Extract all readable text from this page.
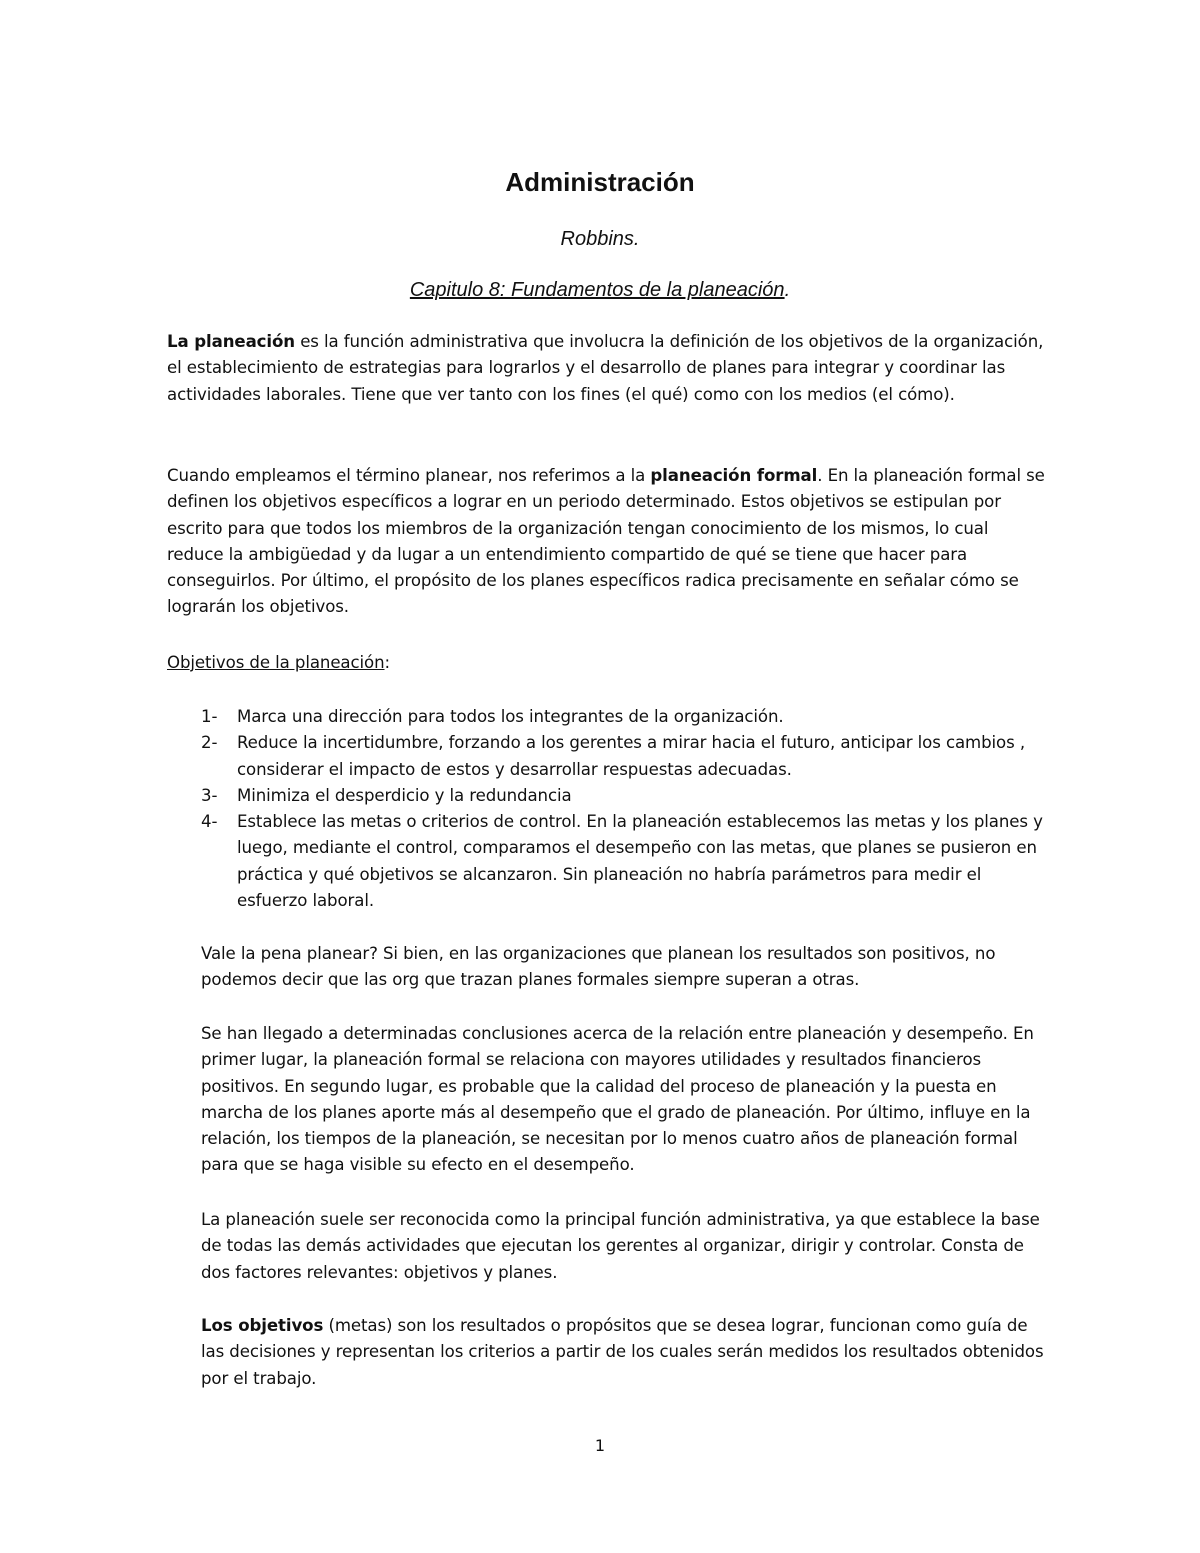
Administración
Robbins.
Capitulo 8: Fundamentos de la planeación.

La planeación es la función administrativa que involucra la definición de los objetivos de la organización, el establecimiento de estrategias para lograrlos y el desarrollo de planes para integrar y coordinar las actividades laborales. Tiene que ver tanto con los fines (el qué) como con los medios (el cómo).

Cuando empleamos el término planear, nos referimos a la planeación formal. En la planeación formal se definen los objetivos específicos a lograr en un periodo determinado. Estos objetivos se estipulan por escrito para que todos los miembros de la organización tengan conocimiento de los mismos, lo cual reduce la ambigüedad y da lugar a un entendimiento compartido de qué se tiene que hacer para conseguirlos. Por último, el propósito de los planes específicos radica precisamente en señalar cómo se lograrán los objetivos.

Objetivos de la planeación:

1- Marca una dirección para todos los integrantes de la organización.
2- Reduce la incertidumbre, forzando a los gerentes a mirar hacia el futuro, anticipar los cambios , considerar el impacto de estos y desarrollar respuestas adecuadas.
3- Minimiza el desperdicio y la redundancia
4- Establece las metas o criterios de control. En la planeación establecemos las metas y los planes y luego, mediante el control, comparamos el desempeño con las metas, que planes se pusieron en práctica y qué objetivos se alcanzaron. Sin planeación no habría parámetros para medir el esfuerzo laboral.

Vale la pena planear? Si bien, en las organizaciones que planean los resultados son positivos, no podemos decir que las org que trazan planes formales siempre superan a otras.

Se han llegado a determinadas conclusiones acerca de la relación entre planeación y desempeño. En primer lugar, la planeación formal se relaciona con mayores utilidades y resultados financieros positivos. En segundo lugar, es probable que la calidad del proceso de planeación y la puesta en marcha de los planes aporte más al desempeño que el grado de planeación. Por último, influye en la relación, los tiempos de la planeación, se necesitan por lo menos cuatro años de planeación formal para que se haga visible su efecto en el desempeño.

La planeación suele ser reconocida como la principal función administrativa, ya que establece la base de todas las demás actividades que ejecutan los gerentes al organizar, dirigir y controlar. Consta de dos factores relevantes: objetivos y planes.

Los objetivos (metas) son los resultados o propósitos que se desea lograr, funcionan como guía de las decisiones y representan los criterios a partir de los cuales serán medidos los resultados obtenidos por el trabajo.

1
